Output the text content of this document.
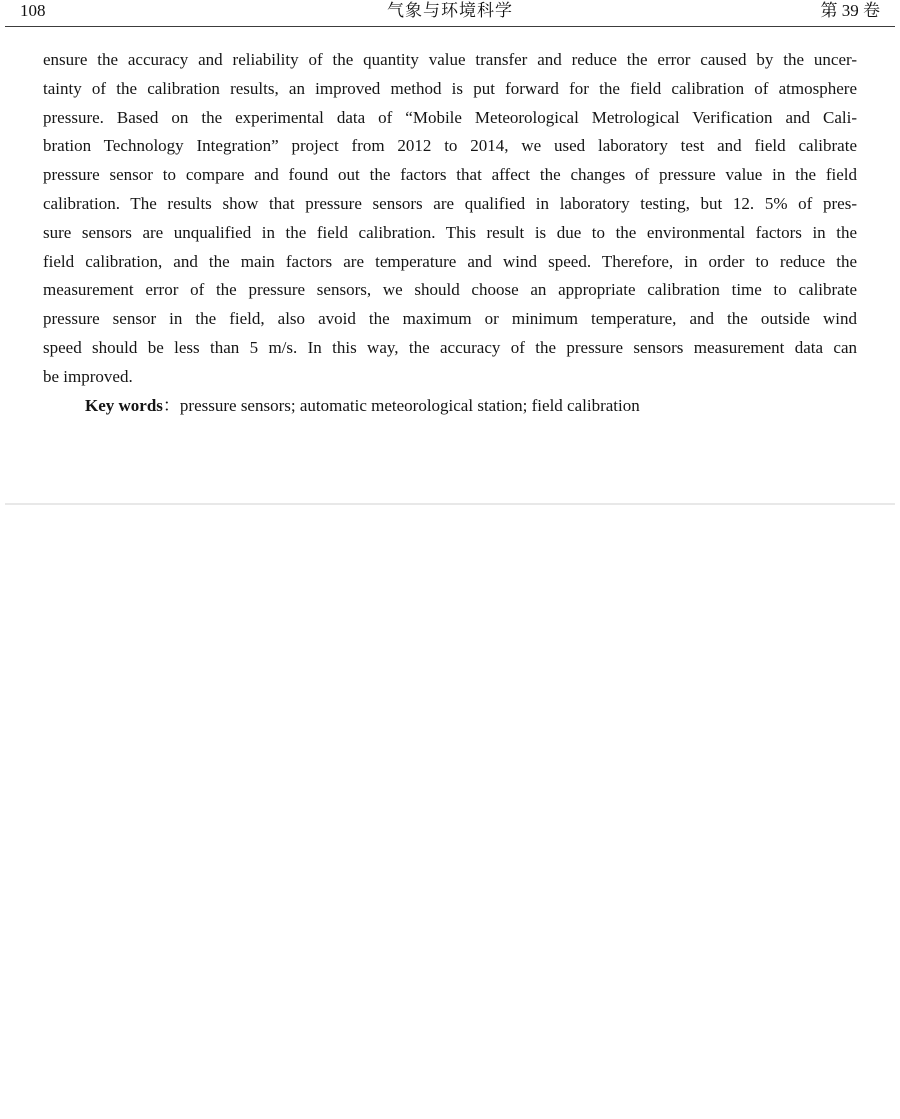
108	气象与环境科学	第 39 卷
ensure the accuracy and reliability of the quantity value transfer and reduce the error caused by the uncer-
tainty of the calibration results, an improved method is put forward for the field calibration of atmosphere
pressure. Based on the experimental data of “Mobile Meteorological Metrological Verification and Cali-
bration Technology Integration” project from 2012 to 2014, we used laboratory test and field calibrate
pressure sensor to compare and found out the factors that affect the changes of pressure value in the field
calibration. The results show that pressure sensors are qualified in laboratory testing, but 12. 5% of pres-
sure sensors are unqualified in the field calibration. This result is due to the environmental factors in the
field calibration, and the main factors are temperature and wind speed. Therefore, in order to reduce the
measurement error of the pressure sensors, we should choose an appropriate calibration time to calibrate
pressure sensor in the field, also avoid the maximum or minimum temperature, and the outside wind
speed should be less than 5 m/s. In this way, the accuracy of the pressure sensors measurement data can
be improved.
Key words：pressure sensors; automatic meteorological station; field calibration
